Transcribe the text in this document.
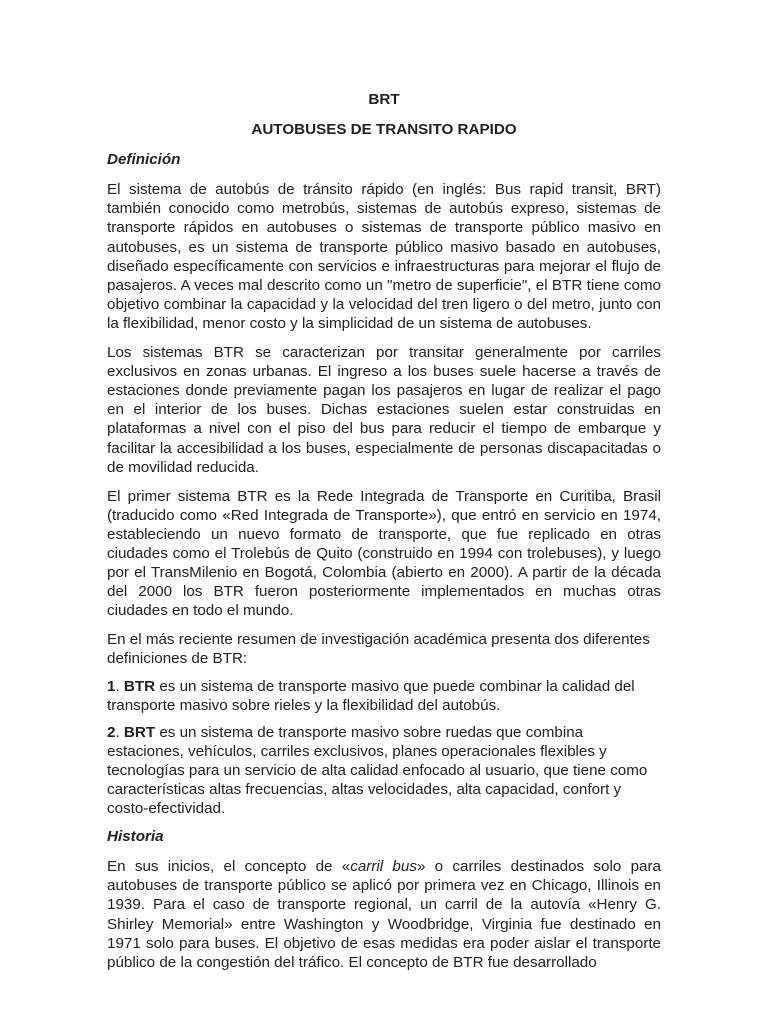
BRT

AUTOBUSES DE TRANSITO RAPIDO

Definición

El sistema de autobús de tránsito rápido (en inglés: Bus rapid transit, BRT) también conocido como metrobús, sistemas de autobús expreso, sistemas de transporte rápidos en autobuses o sistemas de transporte público masivo en autobuses, es un sistema de transporte público masivo basado en autobuses, diseñado específicamente con servicios e infraestructuras para mejorar el flujo de pasajeros. A veces mal descrito como un "metro de superficie", el BTR tiene como objetivo combinar la capacidad y la velocidad del tren ligero o del metro, junto con la flexibilidad, menor costo y la simplicidad de un sistema de autobuses.

Los sistemas BTR se caracterizan por transitar generalmente por carriles exclusivos en zonas urbanas. El ingreso a los buses suele hacerse a través de estaciones donde previamente pagan los pasajeros en lugar de realizar el pago en el interior de los buses. Dichas estaciones suelen estar construidas en plataformas a nivel con el piso del bus para reducir el tiempo de embarque y facilitar la accesibilidad a los buses, especialmente de personas discapacitadas o de movilidad reducida.

El primer sistema BTR es la Rede Integrada de Transporte en Curitiba, Brasil (traducido como «Red Integrada de Transporte»), que entró en servicio en 1974, estableciendo un nuevo formato de transporte, que fue replicado en otras ciudades como el Trolebús de Quito (construido en 1994 con trolebuses), y luego por el TransMilenio en Bogotá, Colombia (abierto en 2000). A partir de la década del 2000 los BTR fueron posteriormente implementados en muchas otras ciudades en todo el mundo.

En el más reciente resumen de investigación académica presenta dos diferentes definiciones de BTR:

1. BTR es un sistema de transporte masivo que puede combinar la calidad del transporte masivo sobre rieles y la flexibilidad del autobús.

2. BRT es un sistema de transporte masivo sobre ruedas que combina estaciones, vehículos, carriles exclusivos, planes operacionales flexibles y tecnologías para un servicio de alta calidad enfocado al usuario, que tiene como características altas frecuencias, altas velocidades, alta capacidad, confort y costo-efectividad.

Historia

En sus inicios, el concepto de «carril bus» o carriles destinados solo para autobuses de transporte público se aplicó por primera vez en Chicago, Illinois en 1939. Para el caso de transporte regional, un carril de la autovía «Henry G. Shirley Memorial» entre Washington y Woodbridge, Virginia fue destinado en 1971 solo para buses. El objetivo de esas medidas era poder aislar el transporte público de la congestión del tráfico. El concepto de BTR fue desarrollado
